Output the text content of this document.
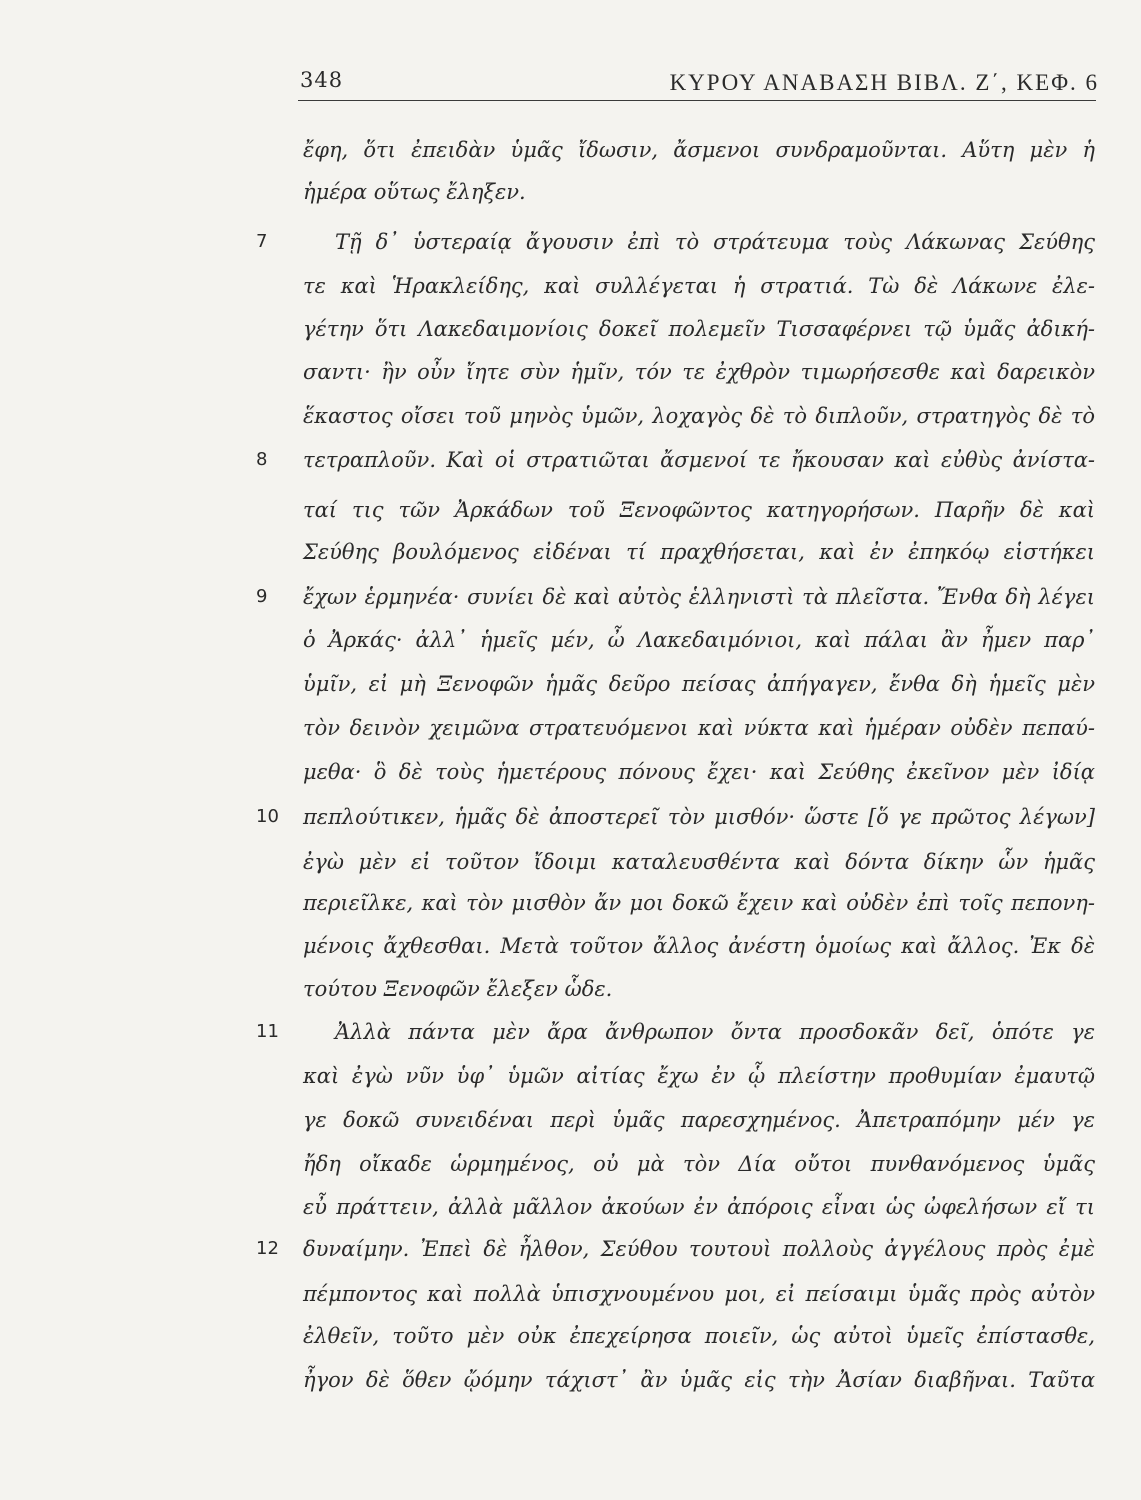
348	ΚΥΡΟΥ ΑΝΑΒΑΣΗ ΒΙΒΛ. Ζ΄, ΚΕΦ. 6
7
8
9
10
11
12
ἔφη, ὅτι ἐπειδὰν ὑμᾶς ἴδωσιν, ἄσμενοι συνδραμοῦνται. Αὕτη μὲν ἡ
ἡμέρα οὕτως ἔληξεν.
Τῇ δ᾽ ὑστεραίᾳ ἄγουσιν ἐπὶ τὸ στράτευμα τοὺς Λάκωνας Σεύθης
τε καὶ Ἡρακλείδης, καὶ συλλέγεται ἡ στρατιά. Τὼ δὲ Λάκωνε ἐλε-
γέτην ὅτι Λακεδαιμονίοις δοκεῖ πολεμεῖν Τισσαφέρνει τῷ ὑμᾶς ἀδική-
σαντι· ἢν οὖν ἴητε σὺν ἡμῖν, τόν τε ἐχθρὸν τιμωρήσεσθε καὶ δαρεικὸν
ἕκαστος οἴσει τοῦ μηνὸς ὑμῶν, λοχαγὸς δὲ τὸ διπλοῦν, στρατηγὸς δὲ τὸ
τετραπλοῦν. Καὶ οἱ στρατιῶται ἄσμενοί τε ἤκουσαν καὶ εὐθὺς ἀνίστα-
ταί τις τῶν Ἀρκάδων τοῦ Ξενοφῶντος κατηγορήσων. Παρῆν δὲ καὶ
Σεύθης βουλόμενος εἰδέναι τί πραχθήσεται, καὶ ἐν ἐπηκόῳ εἱστήκει
ἔχων ἑρμηνέα· συνίει δὲ καὶ αὐτὸς ἑλληνιστὶ τὰ πλεῖστα. Ἔνθα δὴ λέγει
ὁ Ἀρκάς· ἀλλ᾽ ἡμεῖς μέν, ὦ Λακεδαιμόνιοι, καὶ πάλαι ἂν ἦμεν παρ᾽
ὑμῖν, εἰ μὴ Ξενοφῶν ἡμᾶς δεῦρο πείσας ἀπήγαγεν, ἔνθα δὴ ἡμεῖς μὲν
τὸν δεινὸν χειμῶνα στρατευόμενοι καὶ νύκτα καὶ ἡμέραν οὐδὲν πεπαύ-
μεθα· ὃ δὲ τοὺς ἡμετέρους πόνους ἔχει· καὶ Σεύθης ἐκεῖνον μὲν ἰδίᾳ
πεπλούτικεν, ἡμᾶς δὲ ἀποστερεῖ τὸν μισθόν· ὥστε [ὅ γε πρῶτος λέγων]
ἐγὼ μὲν εἰ τοῦτον ἴδοιμι καταλευσθέντα καὶ δόντα δίκην ὧν ἡμᾶς
περιεῖλκε, καὶ τὸν μισθὸν ἄν μοι δοκῶ ἔχειν καὶ οὐδὲν ἐπὶ τοῖς πεπονη-
μένοις ἄχθεσθαι. Μετὰ τοῦτον ἄλλος ἀνέστη ὁμοίως καὶ ἄλλος. Ἐκ δὲ
τούτου Ξενοφῶν ἔλεξεν ὧδε.
Ἀλλὰ πάντα μὲν ἄρα ἄνθρωπον ὄντα προσδοκᾶν δεῖ, ὁπότε γε
καὶ ἐγὼ νῦν ὑφ᾽ ὑμῶν αἰτίας ἔχω ἐν ᾧ πλείστην προθυμίαν ἐμαυτῷ
γε δοκῶ συνειδέναι περὶ ὑμᾶς παρεσχημένος. Ἀπετραπόμην μέν γε
ἤδη οἴκαδε ὡρμημένος, οὐ μὰ τὸν Δία οὔτοι πυνθανόμενος ὑμᾶς
εὖ πράττειν, ἀλλὰ μᾶλλον ἀκούων ἐν ἀπόροις εἶναι ὡς ὠφελήσων εἴ τι
δυναίμην. Ἐπεὶ δὲ ἦλθον, Σεύθου τουτουὶ πολλοὺς ἀγγέλους πρὸς ἐμὲ
πέμποντος καὶ πολλὰ ὑπισχνουμένου μοι, εἰ πείσαιμι ὑμᾶς πρὸς αὐτὸν
ἐλθεῖν, τοῦτο μὲν οὐκ ἐπεχείρησα ποιεῖν, ὡς αὐτοὶ ὑμεῖς ἐπίστασθε,
ἦγον δὲ ὅθεν ᾤόμην τάχιστ᾽ ἂν ὑμᾶς εἰς τὴν Ἀσίαν διαβῆναι. Ταῦτα
